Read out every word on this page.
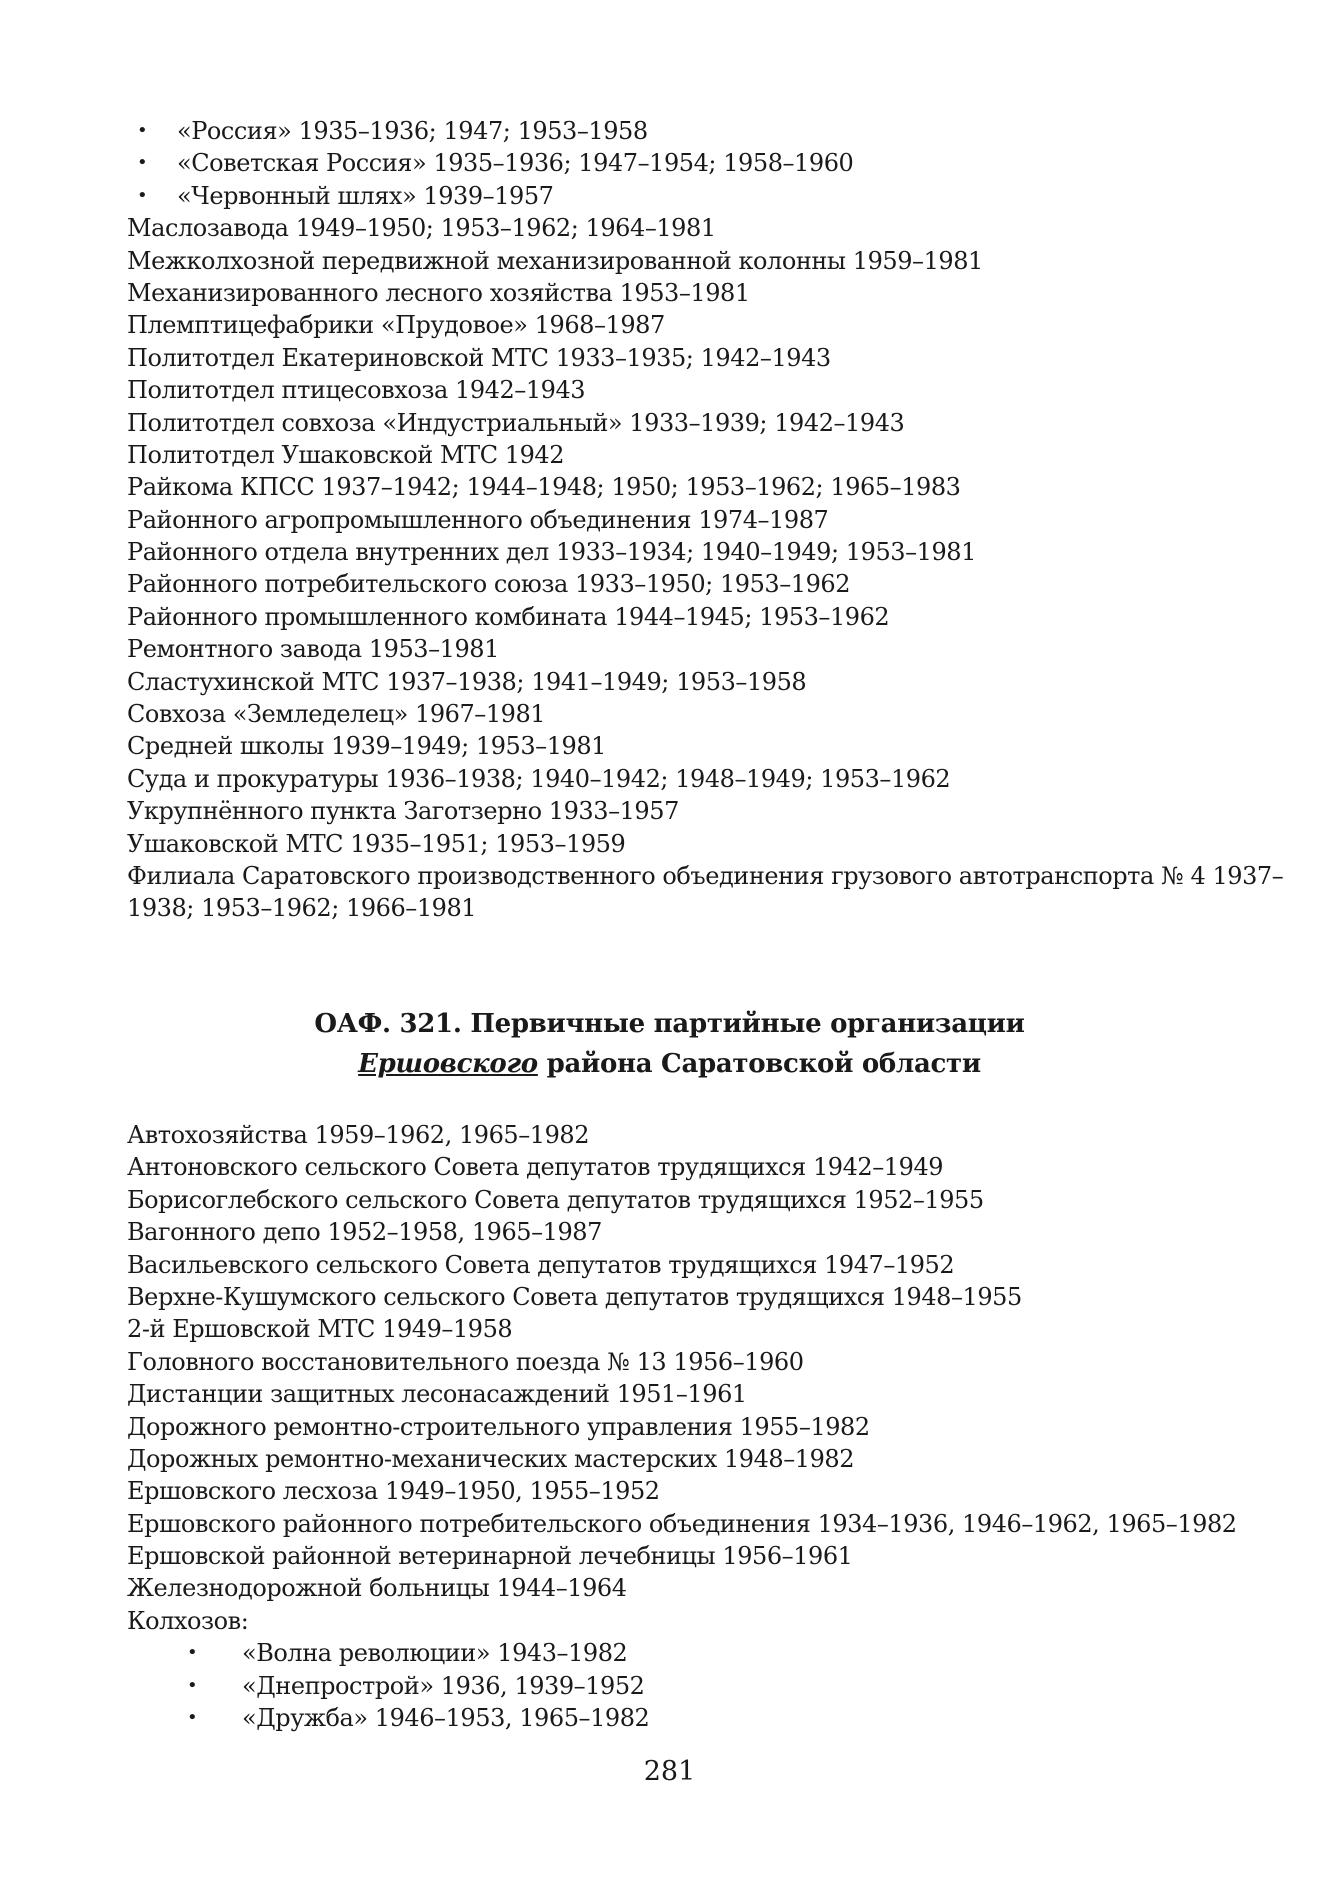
• «Россия» 1935–1936; 1947; 1953–1958
• «Советская Россия» 1935–1936; 1947–1954; 1958–1960
• «Червонный шлях» 1939–1957
Маслозавода 1949–1950; 1953–1962; 1964–1981
Межколхозной передвижной механизированной колонны 1959–1981
Механизированного лесного хозяйства 1953–1981
Племптицефабрики «Прудовое» 1968–1987
Политотдел Екатериновской МТС 1933–1935; 1942–1943
Политотдел птицесовхоза 1942–1943
Политотдел совхоза «Индустриальный» 1933–1939; 1942–1943
Политотдел Ушаковской МТС 1942
Райкома КПСС 1937–1942; 1944–1948; 1950; 1953–1962; 1965–1983
Районного агропромышленного объединения 1974–1987
Районного отдела внутренних дел 1933–1934; 1940–1949; 1953–1981
Районного потребительского союза 1933–1950; 1953–1962
Районного промышленного комбината 1944–1945; 1953–1962
Ремонтного завода 1953–1981
Сластухинской МТС 1937–1938; 1941–1949; 1953–1958
Совхоза «Земледелец» 1967–1981
Средней школы 1939–1949; 1953–1981
Суда и прокуратуры 1936–1938; 1940–1942; 1948–1949; 1953–1962
Укрупнённого пункта Заготзерно 1933–1957
Ушаковской МТС 1935–1951; 1953–1959
Филиала Саратовского производственного объединения грузового автотранспорта № 4 1937–
1938; 1953–1962; 1966–1981
ОАФ. 321. Первичные партийные организации
Ершовского района Саратовской области
Автохозяйства 1959–1962, 1965–1982
Антоновского сельского Совета депутатов трудящихся 1942–1949
Борисоглебского сельского Совета депутатов трудящихся 1952–1955
Вагонного депо 1952–1958, 1965–1987
Васильевского сельского Совета депутатов трудящихся 1947–1952
Верхне-Кушумского сельского Совета депутатов трудящихся 1948–1955
2-й Ершовской МТС 1949–1958
Головного восстановительного поезда № 13 1956–1960
Дистанции защитных лесонасаждений 1951–1961
Дорожного ремонтно-строительного управления 1955–1982
Дорожных ремонтно-механических мастерских 1948–1982
Ершовского лесхоза 1949–1950, 1955–1952
Ершовского районного потребительского объединения 1934–1936, 1946–1962, 1965–1982
Ершовской районной ветеринарной лечебницы 1956–1961
Железнодорожной больницы 1944–1964
Колхозов:
• «Волна революции» 1943–1982
• «Днепрострой» 1936, 1939–1952
• «Дружба» 1946–1953, 1965–1982
281
